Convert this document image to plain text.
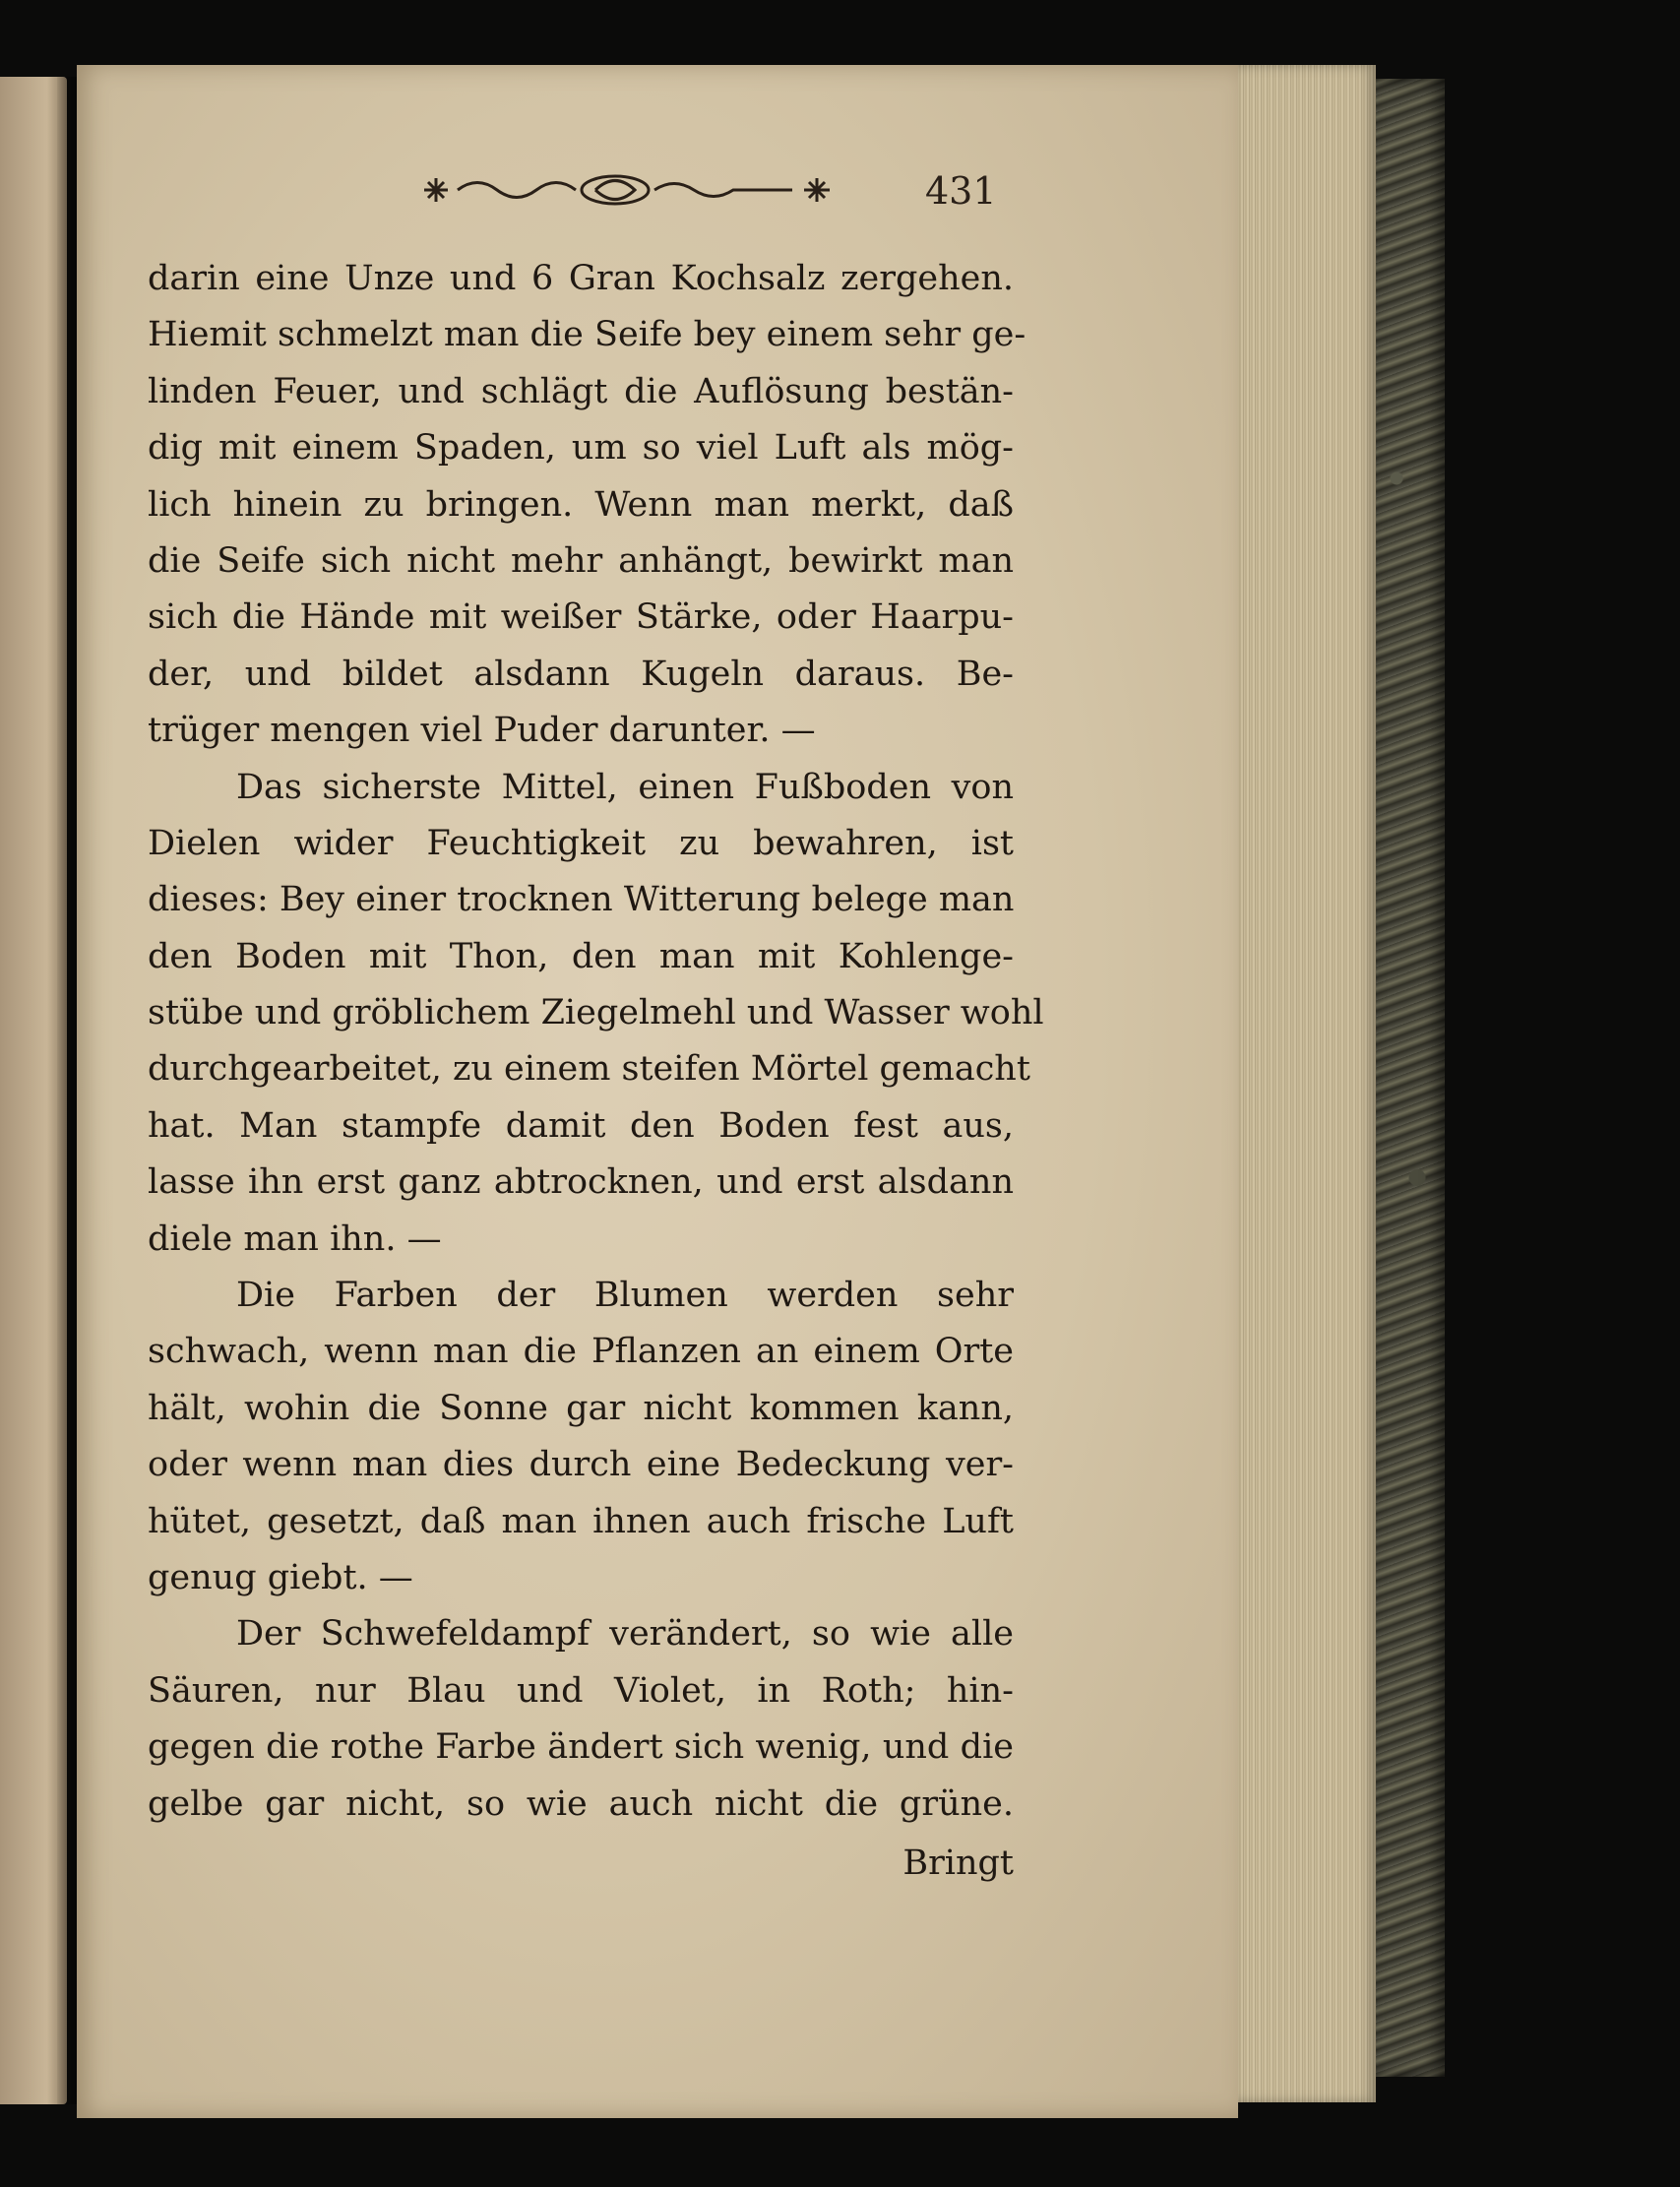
431
darin eine Unze und 6 Gran Kochsalz zergehen.
Hiemit schmelzt man die Seife bey einem sehr ge-
linden Feuer, und schlägt die Auflösung bestän-
dig mit einem Spaden, um so viel Luft als mög-
lich hinein zu bringen. Wenn man merkt, daß
die Seife sich nicht mehr anhängt, bewirkt man
sich die Hände mit weißer Stärke, oder Haarpu-
der, und bildet alsdann Kugeln daraus. Be-
trüger mengen viel Puder darunter. —
Das sicherste Mittel, einen Fußboden von
Dielen wider Feuchtigkeit zu bewahren, ist
dieses: Bey einer trocknen Witterung belege man
den Boden mit Thon, den man mit Kohlenge-
stübe und gröblichem Ziegelmehl und Wasser wohl
durchgearbeitet, zu einem steifen Mörtel gemacht
hat. Man stampfe damit den Boden fest aus,
lasse ihn erst ganz abtrocknen, und erst alsdann
diele man ihn. —
Die Farben der Blumen werden sehr
schwach, wenn man die Pflanzen an einem Orte
hält, wohin die Sonne gar nicht kommen kann,
oder wenn man dies durch eine Bedeckung ver-
hütet, gesetzt, daß man ihnen auch frische Luft
genug giebt. —
Der Schwefeldampf verändert, so wie alle
Säuren, nur Blau und Violet, in Roth; hin-
gegen die rothe Farbe ändert sich wenig, und die
gelbe gar nicht, so wie auch nicht die grüne.
Bringt
